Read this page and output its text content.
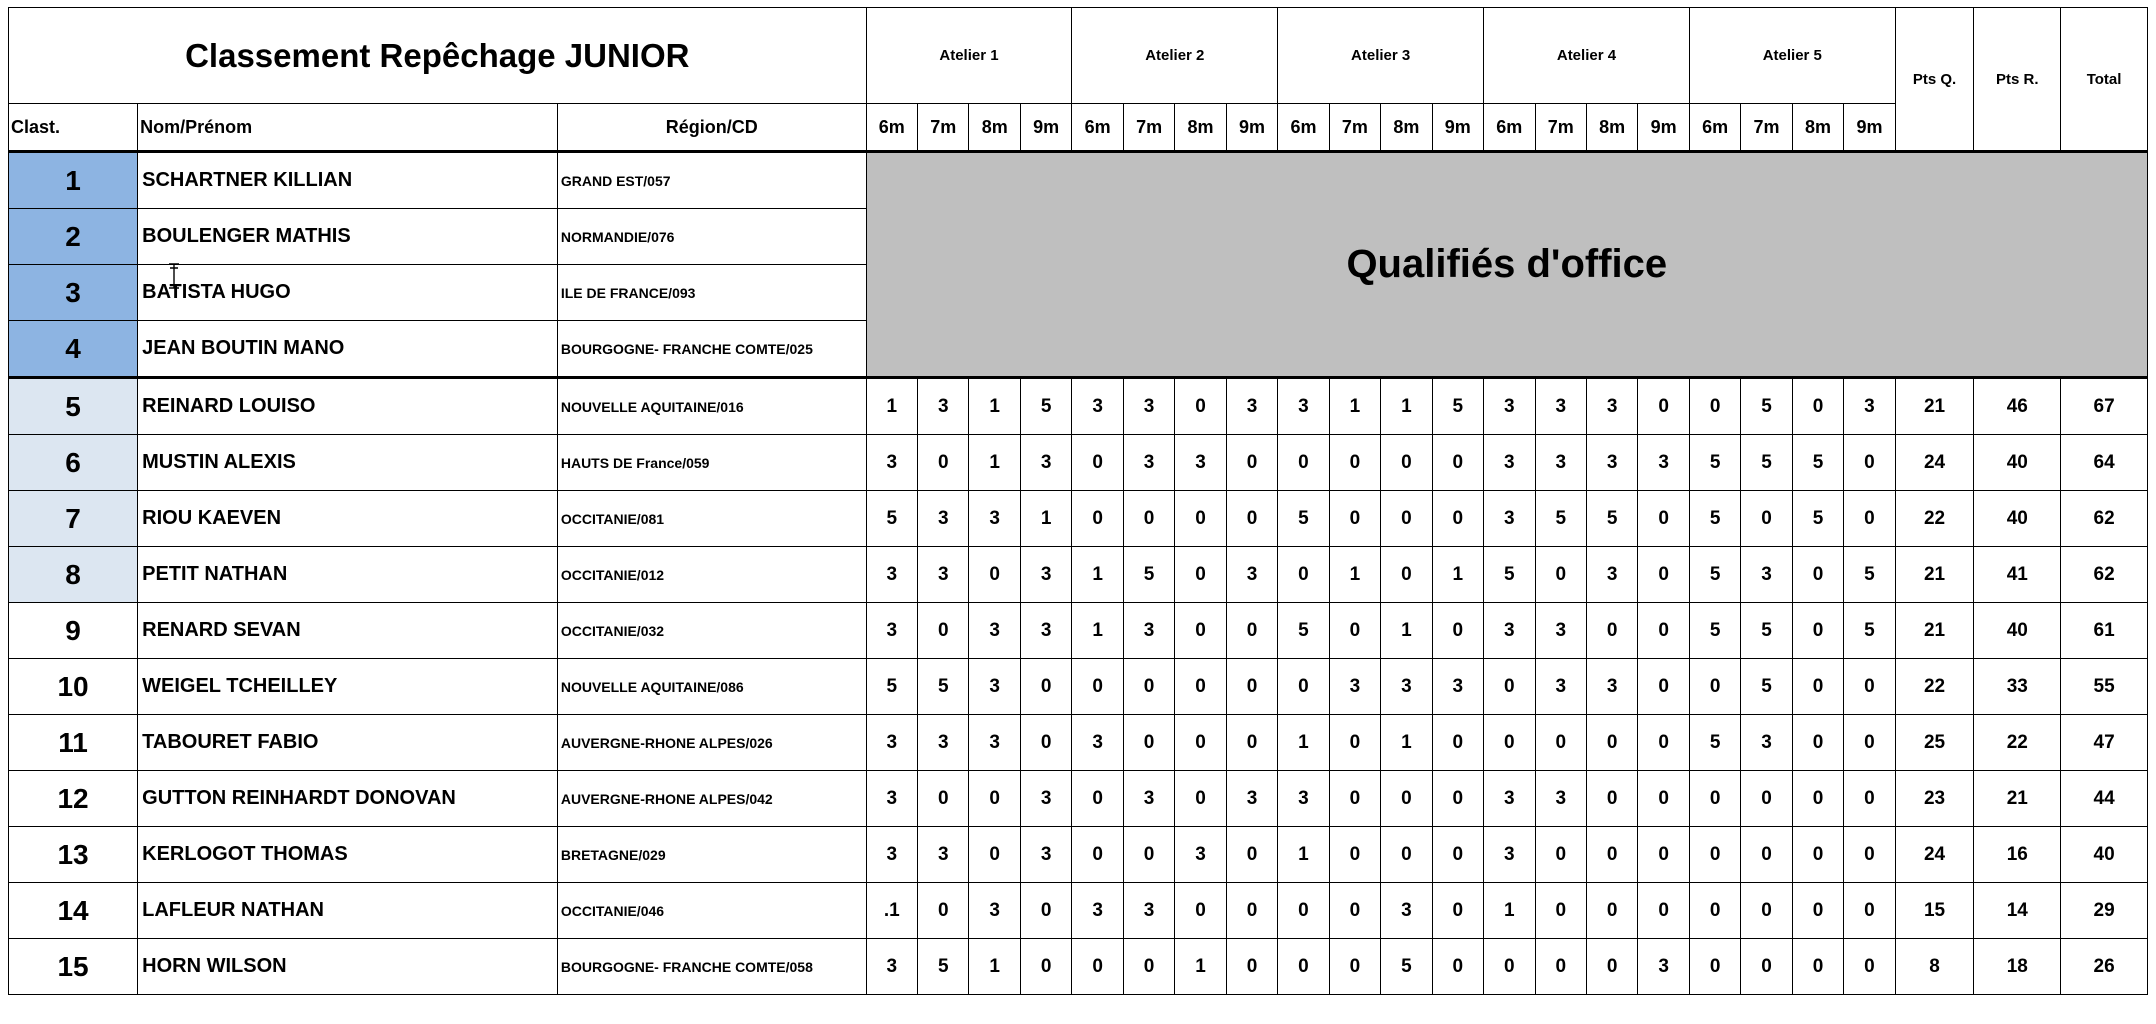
Classement Repêchage JUNIOR			Atelier 1				Atelier 2				Atelier 3				Atelier 4				Atelier 5				Pts Q.	Pts R.	Total
Clast.	Nom/Prénom	Région/CD	6m	7m	8m	9m	6m	7m	8m	9m	6m	7m	8m	9m	6m	7m	8m	9m	6m	7m	8m	9m			
1	SCHARTNER KILLIAN	GRAND EST/057	Qualifiés d'office																						
2	BOULENGER MATHIS	NORMANDIE/076																							
3	BATISTA HUGO	ILE DE FRANCE/093																							
4	JEAN BOUTIN MANO	BOURGOGNE- FRANCHE COMTE/025																							
5	REINARD LOUISO	NOUVELLE AQUITAINE/016	1	3	1	5	3	3	0	3	3	1	1	5	3	3	3	0	0	5	0	3	21	46	67
6	MUSTIN ALEXIS	HAUTS DE France/059	3	0	1	3	0	3	3	0	0	0	0	0	3	3	3	3	5	5	5	0	24	40	64
7	RIOU KAEVEN	OCCITANIE/081	5	3	3	1	0	0	0	0	5	0	0	0	3	5	5	0	5	0	5	0	22	40	62
8	PETIT NATHAN	OCCITANIE/012	3	3	0	3	1	5	0	3	0	1	0	1	5	0	3	0	5	3	0	5	21	41	62
9	RENARD SEVAN	OCCITANIE/032	3	0	3	3	1	3	0	0	5	0	1	0	3	3	0	0	5	5	0	5	21	40	61
10	WEIGEL TCHEILLEY	NOUVELLE AQUITAINE/086	5	5	3	0	0	0	0	0	0	3	3	3	0	3	3	0	0	5	0	0	22	33	55
11	TABOURET FABIO	AUVERGNE-RHONE ALPES/026	3	3	3	0	3	0	0	0	1	0	1	0	0	0	0	0	5	3	0	0	25	22	47
12	GUTTON REINHARDT DONOVAN	AUVERGNE-RHONE ALPES/042	3	0	0	3	0	3	0	3	3	0	0	0	3	3	0	0	0	0	0	0	23	21	44
13	KERLOGOT THOMAS	BRETAGNE/029	3	3	0	3	0	0	3	0	1	0	0	0	3	0	0	0	0	0	0	0	24	16	40
14	LAFLEUR NATHAN	OCCITANIE/046	.1	0	3	0	3	3	0	0	0	0	3	0	1	0	0	0	0	0	0	0	15	14	29
15	HORN WILSON	BOURGOGNE- FRANCHE COMTE/058	3	5	1	0	0	0	1	0	0	0	5	0	0	0	0	3	0	0	0	0	8	18	26
